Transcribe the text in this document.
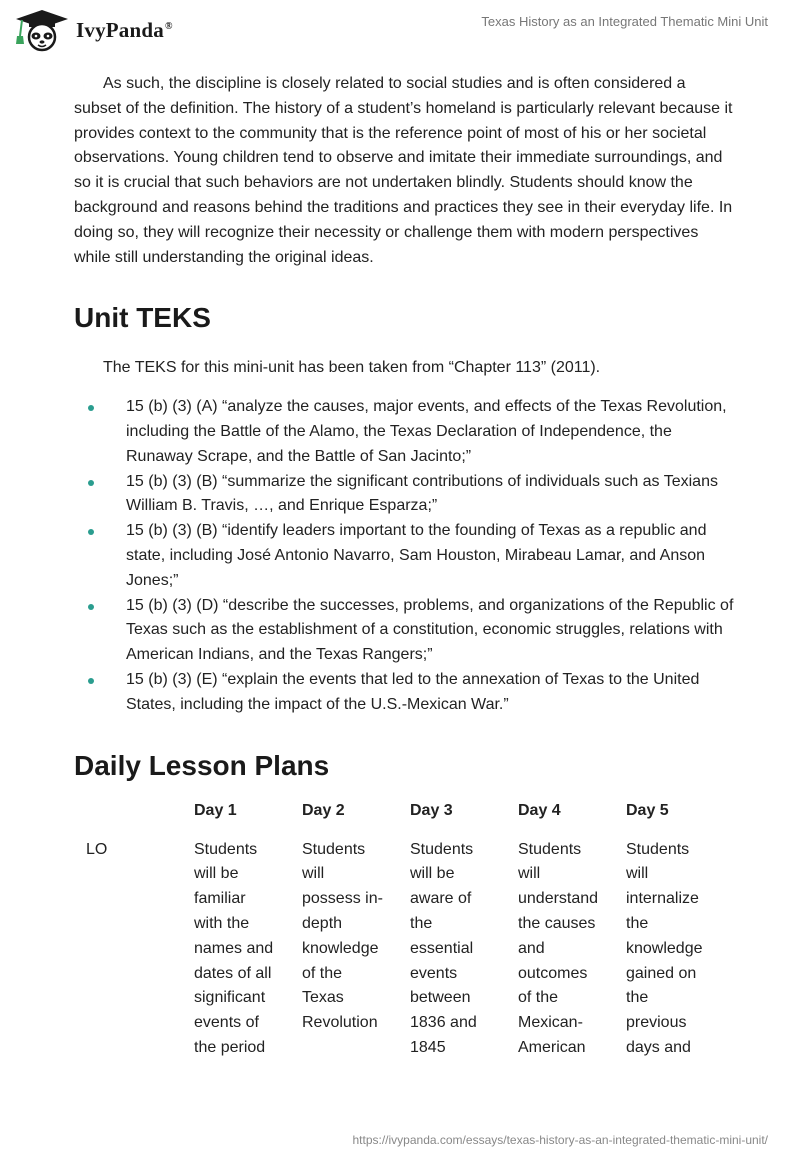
IvyPanda®	Texas History as an Integrated Thematic Mini Unit

As such, the discipline is closely related to social studies and is often considered a subset of the definition. The history of a student’s homeland is particularly relevant because it provides context to the community that is the reference point of most of his or her societal observations. Young children tend to observe and imitate their immediate surroundings, and so it is crucial that such behaviors are not undertaken blindly. Students should know the background and reasons behind the traditions and practices they see in their everyday life. In doing so, they will recognize their necessity or challenge them with modern perspectives while still understanding the original ideas.

Unit TEKS

The TEKS for this mini-unit has been taken from “Chapter 113” (2011).

15 (b) (3) (A) “analyze the causes, major events, and effects of the Texas Revolution, including the Battle of the Alamo, the Texas Declaration of Independence, the Runaway Scrape, and the Battle of San Jacinto;”
15 (b) (3) (B) “summarize the significant contributions of individuals such as Texians William B. Travis, …, and Enrique Esparza;”
15 (b) (3) (B) “identify leaders important to the founding of Texas as a republic and state, including José Antonio Navarro, Sam Houston, Mirabeau Lamar, and Anson Jones;”
15 (b) (3) (D) “describe the successes, problems, and organizations of the Republic of Texas such as the establishment of a constitution, economic struggles, relations with American Indians, and the Texas Rangers;”
15 (b) (3) (E) “explain the events that led to the annexation of Texas to the United States, including the impact of the U.S.-Mexican War.”
Daily Lesson Plans
	Day 1	Day 2	Day 3	Day 4	Day 5
LO	Students will be familiar with the names and dates of all significant events of the period	Students will possess in-depth knowledge of the Texas Revolution	Students will be aware of the essential events between 1836 and 1845	Students will understand the causes and outcomes of the Mexican-American	Students will internalize the knowledge gained on the previous days and
https://ivypanda.com/essays/texas-history-as-an-integrated-thematic-mini-unit/
